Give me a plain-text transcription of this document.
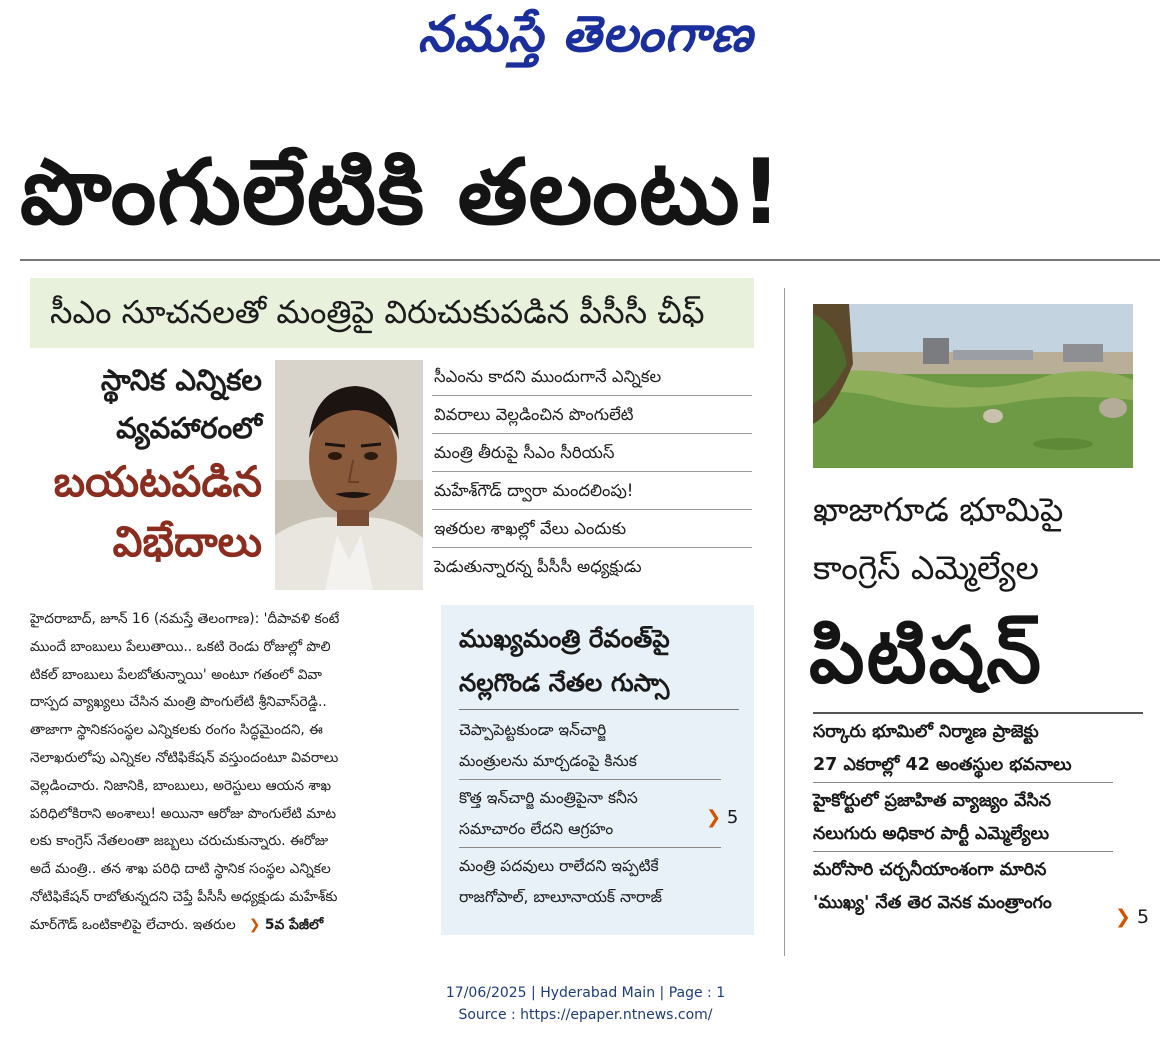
నమస్తే తెలంగాణ
పొంగులేటికి తలంటు!
సీఎం సూచనలతో మంత్రిపై విరుచుకుపడిన పీసీసీ చీఫ్
స్థానిక ఎన్నికల
వ్యవహారంలో
బయటపడిన
విభేదాలు
సీఎంను కాదని ముందుగానే ఎన్నికల
వివరాలు వెల్లడించిన పొంగులేటి
మంత్రి తీరుపై సీఎం సీరియస్
మహేశ్‌గౌడ్ ద్వారా మందలింపు!
ఇతరుల శాఖల్లో వేలు ఎందుకు
పెడుతున్నారన్న పీసీసీ అధ్యక్షుడు
హైదరాబాద్, జూన్ 16 (నమస్తే తెలంగాణ): 'దీపావళి కంటే
ముందే బాంబులు పేలుతాయి.. ఒకటి రెండు రోజుల్లో పొలి
టికల్ బాంబులు పేలబోతున్నాయి' అంటూ గతంలో వివా
దాస్పద వ్యాఖ్యలు చేసిన మంత్రి పొంగులేటి శ్రీనివాస్‌రెడ్డి..
తాజాగా స్థానికసంస్థల ఎన్నికలకు రంగం సిద్ధమైందని, ఈ
నెలాఖరులోపు ఎన్నికల నోటిఫికేషన్ వస్తుందంటూ వివరాలు
వెల్లడించారు. నిజానికి, బాంబులు, అరెస్టులు ఆయన శాఖ
పరిధిలోకిరాని అంశాలు! అయినా ఆరోజు పొంగులేటి మాట
లకు కాంగ్రెస్ నేతలంతా జబ్బలు చరుచుకున్నారు. ఈరోజు
అదే మంత్రి.. తన శాఖ పరిధి దాటి స్థానిక సంస్థల ఎన్నికల
నోటిఫికేషన్ రాబోతున్నదని చెప్తే పీసీసీ అధ్యక్షుడు మహేశ్‌కు
మార్‌గౌడ్ ఒంటికాలిపై లేచారు. ఇతరుల ❯ 5వ పేజీలో
ముఖ్యమంత్రి రేవంత్‌పై
నల్లగొండ నేతల గుస్సా
చెప్పాపెట్టకుండా ఇన్‌చార్జి
మంత్రులను మార్చడంపై కినుక
కొత్త ఇన్‌చార్జి మంత్రిపైనా కనీస
సమాచారం లేదని ఆగ్రహం
మంత్రి పదవులు రాలేదని ఇప్పటికే
రాజగోపాల్, బాలూనాయక్ నారాజ్
❯ 5
ఖాజాగూడ భూమిపై
కాంగ్రెస్ ఎమ్మెల్యేల
పిటిషన్
సర్కారు భూమిలో నిర్మాణ ప్రాజెక్టు
27 ఎకరాల్లో 42 అంతస్థుల భవనాలు
హైకోర్టులో ప్రజాహిత వ్యాజ్యం వేసిన
నలుగురు అధికార పార్టీ ఎమ్మెల్యేలు
మరోసారి చర్చనీయాంశంగా మారిన
'ముఖ్య' నేత తెర వెనక మంత్రాంగం
❯ 5
17/06/2025 | Hyderabad Main | Page : 1
Source : https://epaper.ntnews.com/
